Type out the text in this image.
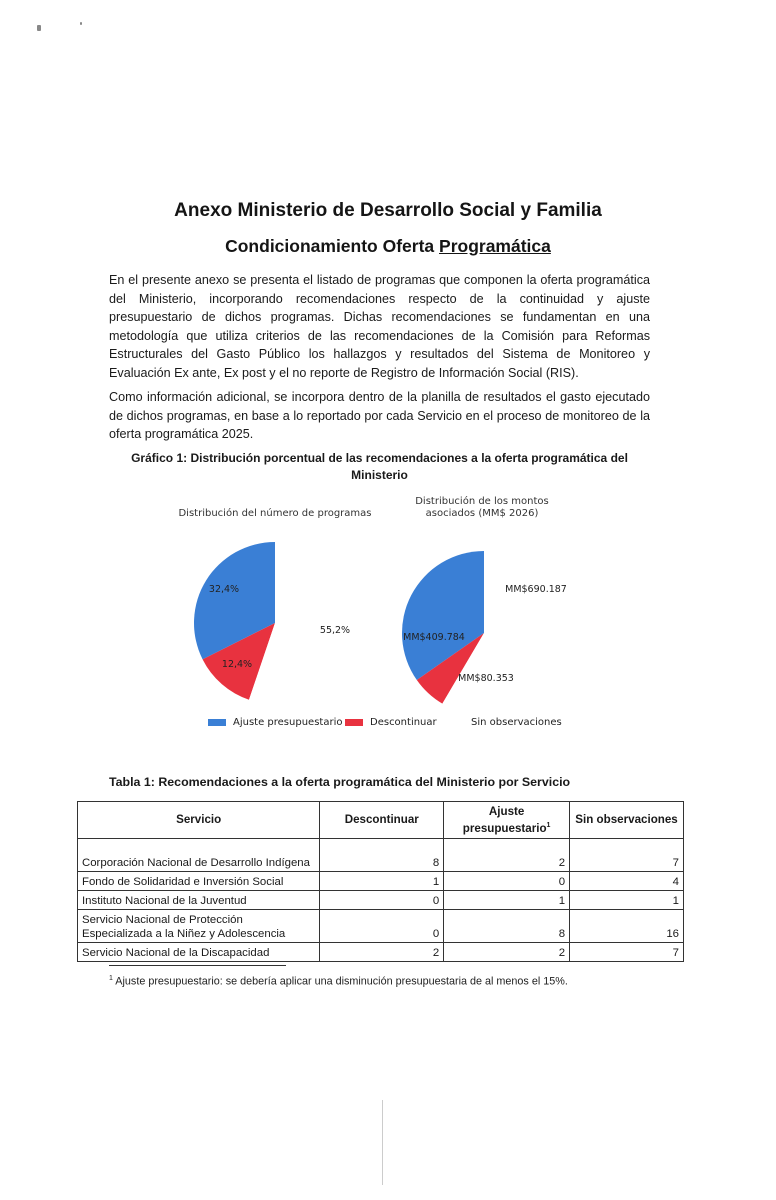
Anexo Ministerio de Desarrollo Social y Familia
Condicionamiento Oferta Programática

En el presente anexo se presenta el listado de programas que componen la oferta programática del Ministerio, incorporando recomendaciones respecto de la continuidad y ajuste presupuestario de dichos programas. Dichas recomendaciones se fundamentan en una metodología que utiliza criterios de las recomendaciones de la Comisión para Reformas Estructurales del Gasto Público los hallazgos y resultados del Sistema de Monitoreo y Evaluación Ex ante, Ex post y el no reporte de Registro de Información Social (RIS).

Como información adicional, se incorpora dentro de la planilla de resultados el gasto ejecutado de dichos programas, en base a lo reportado por cada Servicio en el proceso de monitoreo de la oferta programática 2025.

Gráfico 1: Distribución porcentual de las recomendaciones a la oferta programática del Ministerio
Distribución del número de programas
Distribución de los montos
asociados (MM$ 2026)
32,4%
12,4%
55,2%
MM$409.784
MM$80.353
MM$690.187
Ajuste presupuestario	Descontinuar	Sin observaciones
Tabla 1: Recomendaciones a la oferta programática del Ministerio por Servicio
Servicio	Descontinuar	Ajuste presupuestario$^1$	Sin observaciones
Corporación Nacional de Desarrollo Indígena	8	2	7
Fondo de Solidaridad e Inversión Social	1	0	4
Instituto Nacional de la Juventud	0	1	1
Servicio Nacional de Protección Especializada a la Niñez y Adolescencia	0	8	16
Servicio Nacional de la Discapacidad	2	2	7
$^1$ Ajuste presupuestario: se debería aplicar una disminución presupuestaria de al menos el 15%.
